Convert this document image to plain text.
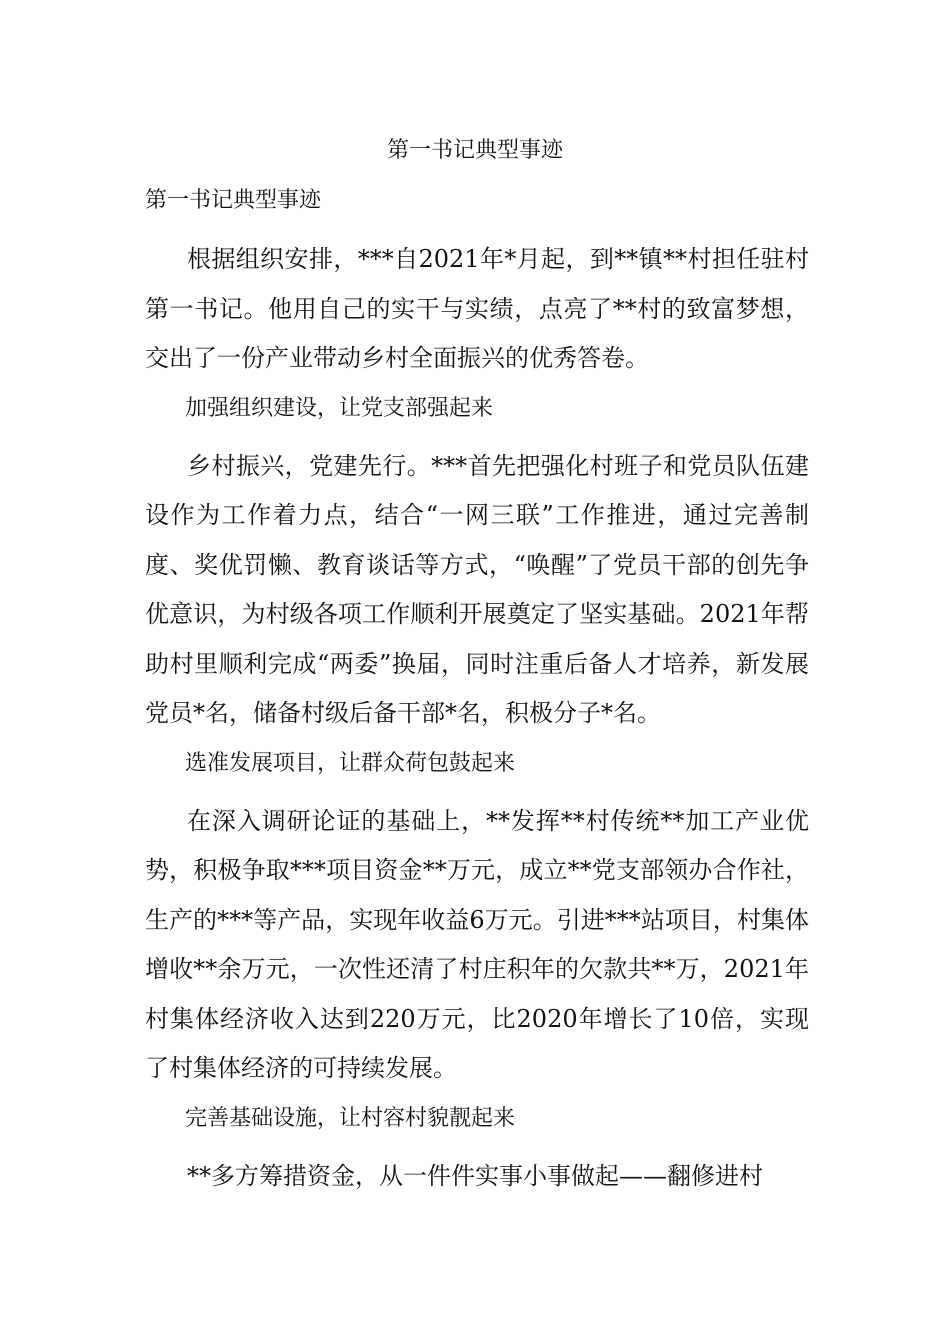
第一书记典型事迹
第一书记典型事迹

根据组织安排，***自2021年*月起，到**镇**村担任驻村第一书记。他用自己的实干与实绩，点亮了**村的致富梦想，交出了一份产业带动乡村全面振兴的优秀答卷。

加强组织建设，让党支部强起来

乡村振兴，党建先行。***首先把强化村班子和党员队伍建设作为工作着力点，结合“一网三联”工作推进，通过完善制度、奖优罚懒、教育谈话等方式，“唤醒”了党员干部的创先争优意识，为村级各项工作顺利开展奠定了坚实基础。2021年帮助村里顺利完成“两委”换届，同时注重后备人才培养，新发展党员*名，储备村级后备干部*名，积极分子*名。

选准发展项目，让群众荷包鼓起来

在深入调研论证的基础上，**发挥**村传统**加工产业优势，积极争取***项目资金**万元，成立**党支部领办合作社，生产的***等产品，实现年收益6万元。引进***站项目，村集体增收**余万元，一次性还清了村庄积年的欠款共**万，2021年村集体经济收入达到220万元，比2020年增长了10倍，实现了村集体经济的可持续发展。

完善基础设施，让村容村貌靓起来

**多方筹措资金，从一件件实事小事做起——翻修进村
